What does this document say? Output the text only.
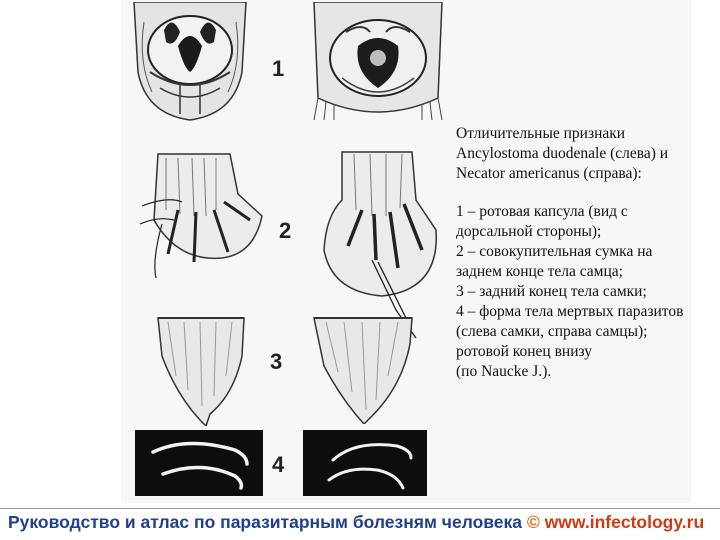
1
2
3
4

Отличительные признаки Ancylostoma duodenale (слева) и Necator americanus (справа):

1 – ротовая капсула (вид с дорсальной стороны);

2 – совокупительная сумка на заднем конце тела самца;

3 – задний конец тела самки;

4 – форма тела мертвых паразитов (слева самки, справа самцы); ротовой конец внизу

(по Naucke J.).

Руководство и атлас по паразитарным болезням человека © www.infectology.ru
